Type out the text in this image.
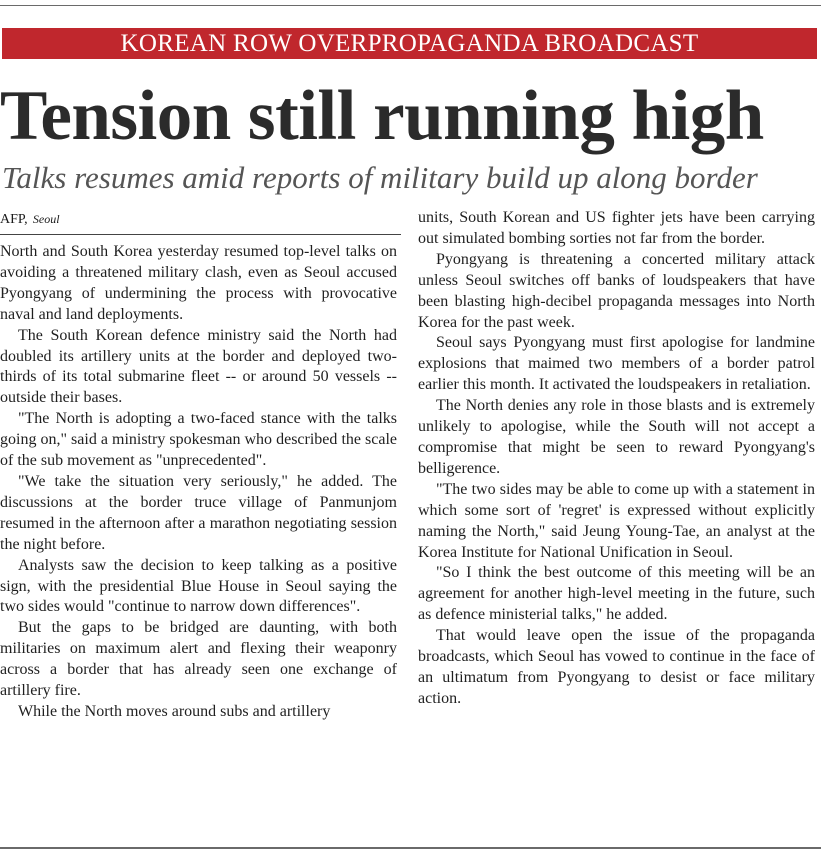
KOREAN ROW OVERPROPAGANDA BROADCAST
Tension still running high
Talks resumes amid reports of military build up along border
AFP, Seoul

North and South Korea yesterday resumed top-level talks on avoiding a threatened military clash, even as Seoul accused Pyongyang of undermining the process with provocative naval and land deployments.

The South Korean defence ministry said the North had doubled its artillery units at the border and deployed two-thirds of its total submarine fleet -- or around 50 vessels -- outside their bases.

"The North is adopting a two-faced stance with the talks going on," said a ministry spokesman who described the scale of the sub movement as "unprecedented".

"We take the situation very seriously," he added. The discussions at the border truce village of Panmunjom resumed in the afternoon after a marathon negotiating session the night before.

Analysts saw the decision to keep talking as a positive sign, with the presidential Blue House in Seoul saying the two sides would "continue to narrow down differences".

But the gaps to be bridged are daunting, with both militaries on maximum alert and flexing their weaponry across a border that has already seen one exchange of artillery fire.

While the North moves around subs and artillery

units, South Korean and US fighter jets have been carrying out simulated bombing sorties not far from the border.

Pyongyang is threatening a concerted military attack unless Seoul switches off banks of loudspeakers that have been blasting high-decibel propaganda messages into North Korea for the past week.

Seoul says Pyongyang must first apologise for landmine explosions that maimed two members of a border patrol earlier this month. It activated the loudspeakers in retaliation.

The North denies any role in those blasts and is extremely unlikely to apologise, while the South will not accept a compromise that might be seen to reward Pyongyang's belligerence.

"The two sides may be able to come up with a statement in which some sort of 'regret' is expressed without explicitly naming the North," said Jeung Young-Tae, an analyst at the Korea Institute for National Unification in Seoul.

"So I think the best outcome of this meeting will be an agreement for another high-level meeting in the future, such as defence ministerial talks," he added.

That would leave open the issue of the propaganda broadcasts, which Seoul has vowed to continue in the face of an ultimatum from Pyongyang to desist or face military action.
